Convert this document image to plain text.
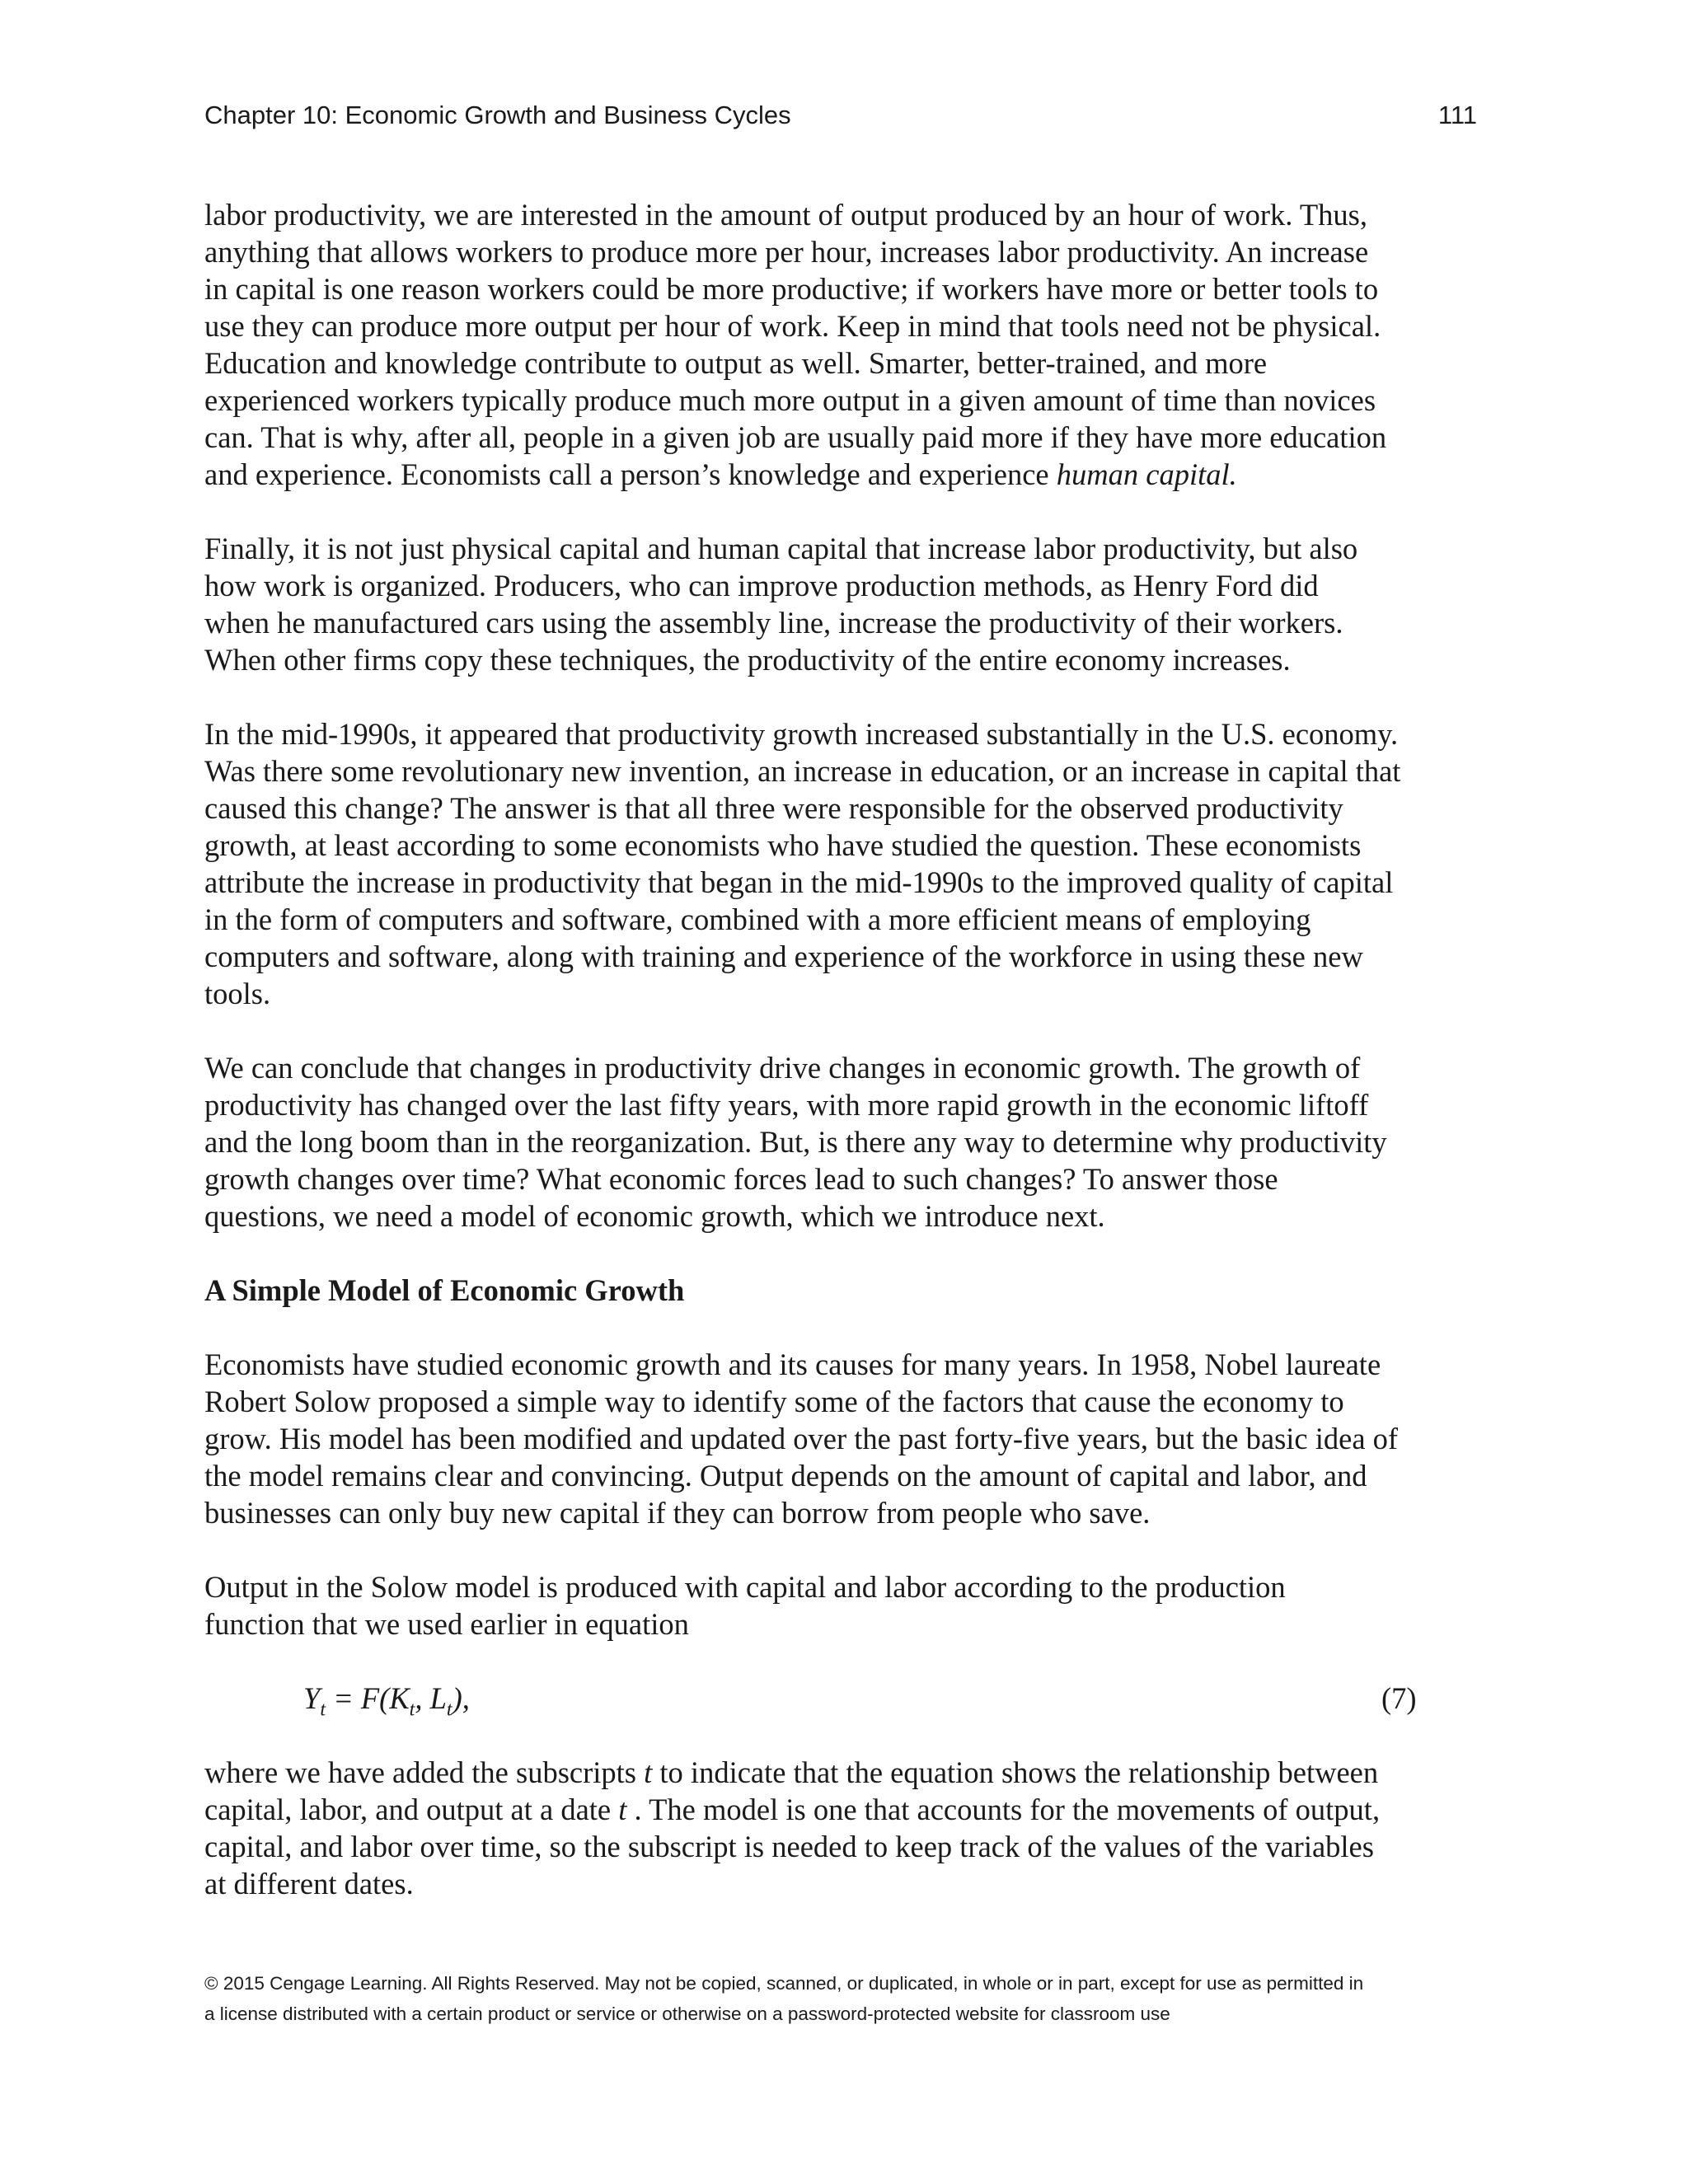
Chapter 10: Economic Growth and Business Cycles	111

labor productivity, we are interested in the amount of output produced by an hour of work. Thus,
anything that allows workers to produce more per hour, increases labor productivity. An increase
in capital is one reason workers could be more productive; if workers have more or better tools to
use they can produce more output per hour of work. Keep in mind that tools need not be physical.
Education and knowledge contribute to output as well. Smarter, better-trained, and more
experienced workers typically produce much more output in a given amount of time than novices
can. That is why, after all, people in a given job are usually paid more if they have more education
and experience. Economists call a person’s knowledge and experience human capital.

Finally, it is not just physical capital and human capital that increase labor productivity, but also
how work is organized. Producers, who can improve production methods, as Henry Ford did
when he manufactured cars using the assembly line, increase the productivity of their workers.
When other firms copy these techniques, the productivity of the entire economy increases.

In the mid-1990s, it appeared that productivity growth increased substantially in the U.S. economy.
Was there some revolutionary new invention, an increase in education, or an increase in capital that
caused this change? The answer is that all three were responsible for the observed productivity
growth, at least according to some economists who have studied the question. These economists
attribute the increase in productivity that began in the mid-1990s to the improved quality of capital
in the form of computers and software, combined with a more efficient means of employing
computers and software, along with training and experience of the workforce in using these new
tools.

We can conclude that changes in productivity drive changes in economic growth. The growth of
productivity has changed over the last fifty years, with more rapid growth in the economic liftoff
and the long boom than in the reorganization. But, is there any way to determine why productivity
growth changes over time? What economic forces lead to such changes? To answer those
questions, we need a model of economic growth, which we introduce next.

A Simple Model of Economic Growth

Economists have studied economic growth and its causes for many years. In 1958, Nobel laureate
Robert Solow proposed a simple way to identify some of the factors that cause the economy to
grow. His model has been modified and updated over the past forty-five years, but the basic idea of
the model remains clear and convincing. Output depends on the amount of capital and labor, and
businesses can only buy new capital if they can borrow from people who save.

Output in the Solow model is produced with capital and labor according to the production
function that we used earlier in equation

$Y_t = F(K_t$, $L_t$),	(7)

where we have added the subscripts t to indicate that the equation shows the relationship between
capital, labor, and output at a date t . The model is one that accounts for the movements of output,
capital, and labor over time, so the subscript is needed to keep track of the values of the variables
at different dates.

© 2015 Cengage Learning. All Rights Reserved. May not be copied, scanned, or duplicated, in whole or in part, except for use as permitted in
a license distributed with a certain product or service or otherwise on a password-protected website for classroom use
